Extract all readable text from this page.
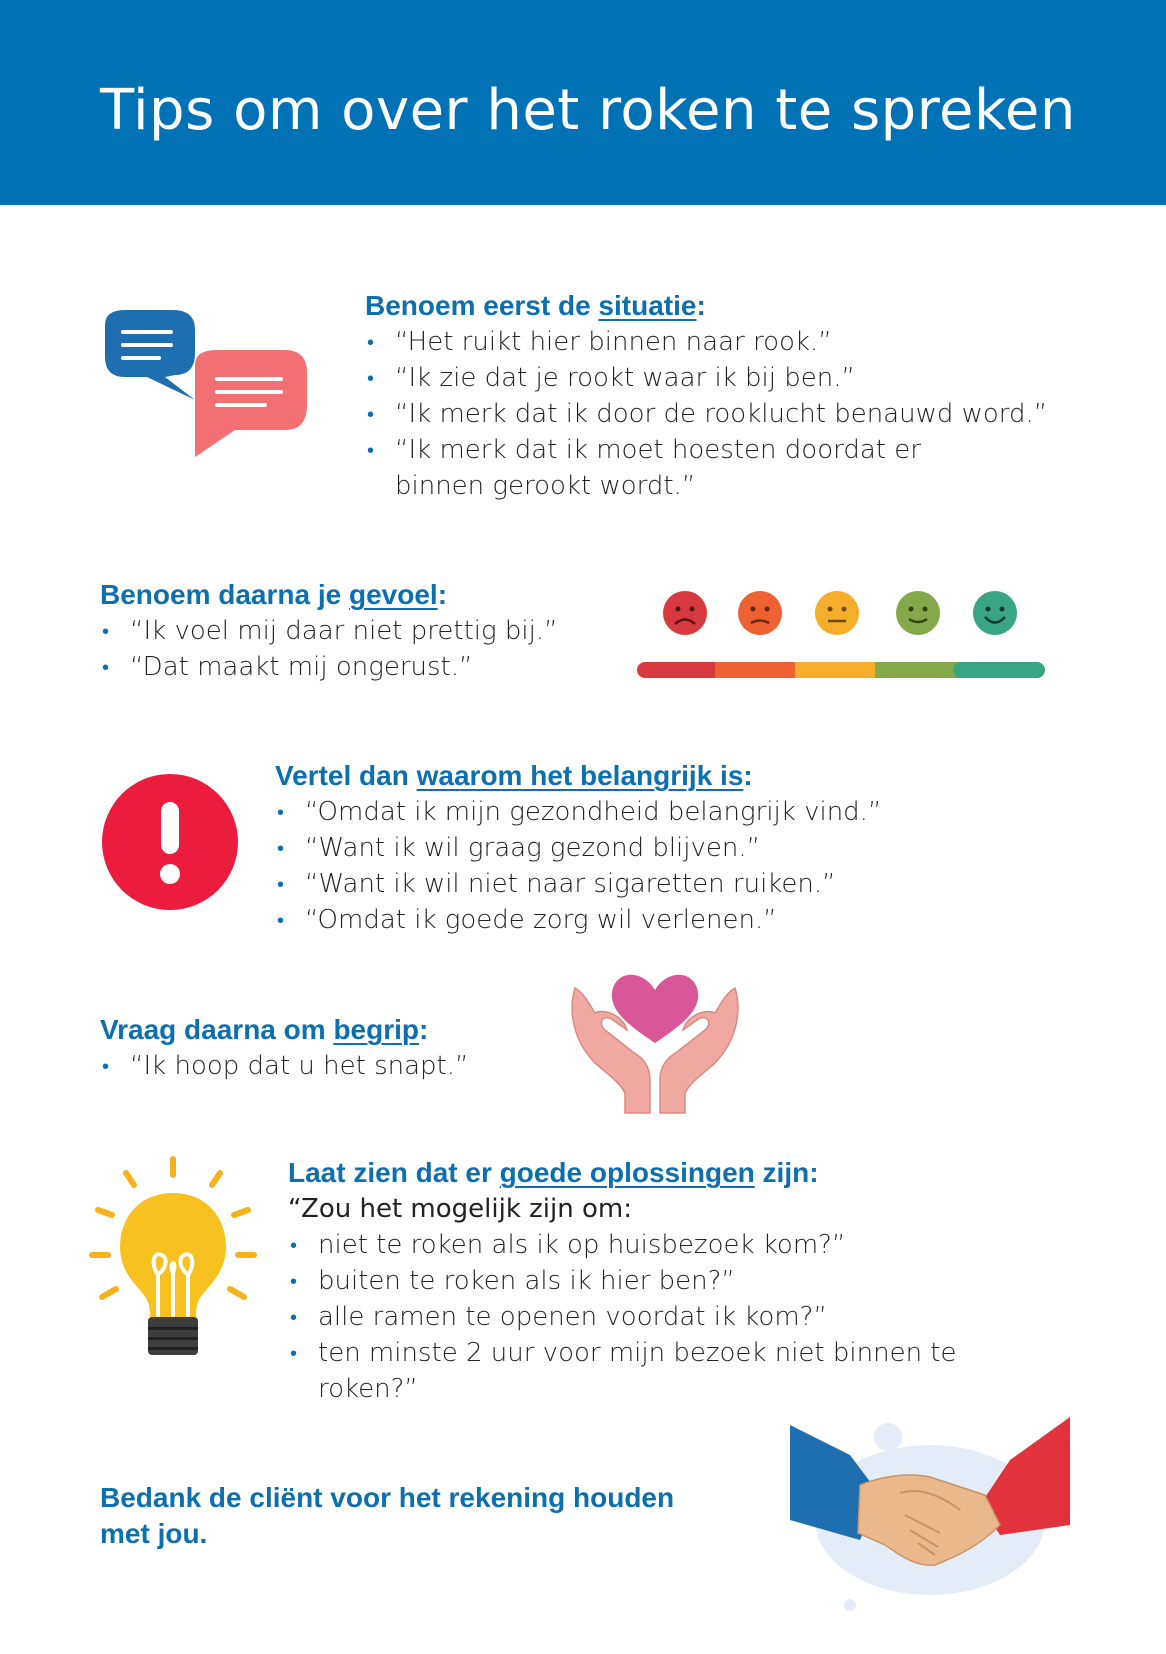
Tips om over het roken te spreken

Benoem eerst de situatie:

• “Het ruikt hier binnen naar rook.”
• “Ik zie dat je rookt waar ik bij ben.”
• “Ik merk dat ik door de rooklucht benauwd word.”
• “Ik merk dat ik moet hoesten doordat er binnen gerookt wordt.”

Benoem daarna je gevoel:

• “Ik voel mij daar niet prettig bij.”
• “Dat maakt mij ongerust.”

Vertel dan waarom het belangrijk is:

• “Omdat ik mijn gezondheid belangrijk vind.”
• “Want ik wil graag gezond blijven.”
• “Want ik wil niet naar sigaretten ruiken.”
• “Omdat ik goede zorg wil verlenen.”

Vraag daarna om begrip:

• “Ik hoop dat u het snapt.”

Laat zien dat er goede oplossingen zijn:

“Zou het mogelijk zijn om:
• niet te roken als ik op huisbezoek kom?”
• buiten te roken als ik hier ben?”
• alle ramen te openen voordat ik kom?”
• ten minste 2 uur voor mijn bezoek niet binnen te roken?”

Bedank de cliënt voor het rekening houden met jou.
